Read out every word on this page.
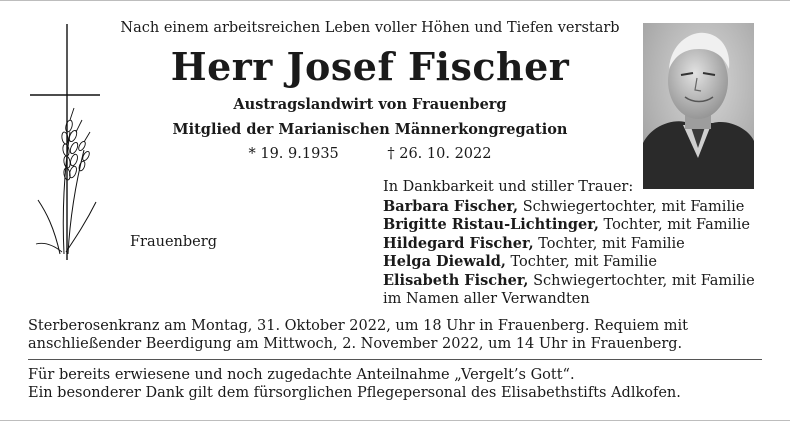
Nach einem arbeitsreichen Leben voller Höhen und Tiefen verstarb
Herr Josef Fischer
Austragslandwirt von Frauenberg
Mitglied der Marianischen Männerkongregation
* 19. 9.1935	† 26. 10. 2022
Frauenberg
In Dankbarkeit und stiller Trauer:
Barbara Fischer, Schwiegertochter, mit Familie
Brigitte Ristau-Lichtinger, Tochter, mit Familie
Hildegard Fischer, Tochter, mit Familie
Helga Diewald, Tochter, mit Familie
Elisabeth Fischer, Schwiegertochter, mit Familie
im Namen aller Verwandten
Sterberosenkranz am Montag, 31. Oktober 2022, um 18 Uhr in Frauenberg. Requiem mit anschließender Beerdigung am Mittwoch, 2. November 2022, um 14 Uhr in Frauenberg.
Für bereits erwiesene und noch zugedachte Anteilnahme „Vergelt’s Gott“.
Ein besonderer Dank gilt dem fürsorglichen Pflegepersonal des Elisabethstifts Adlkofen.
